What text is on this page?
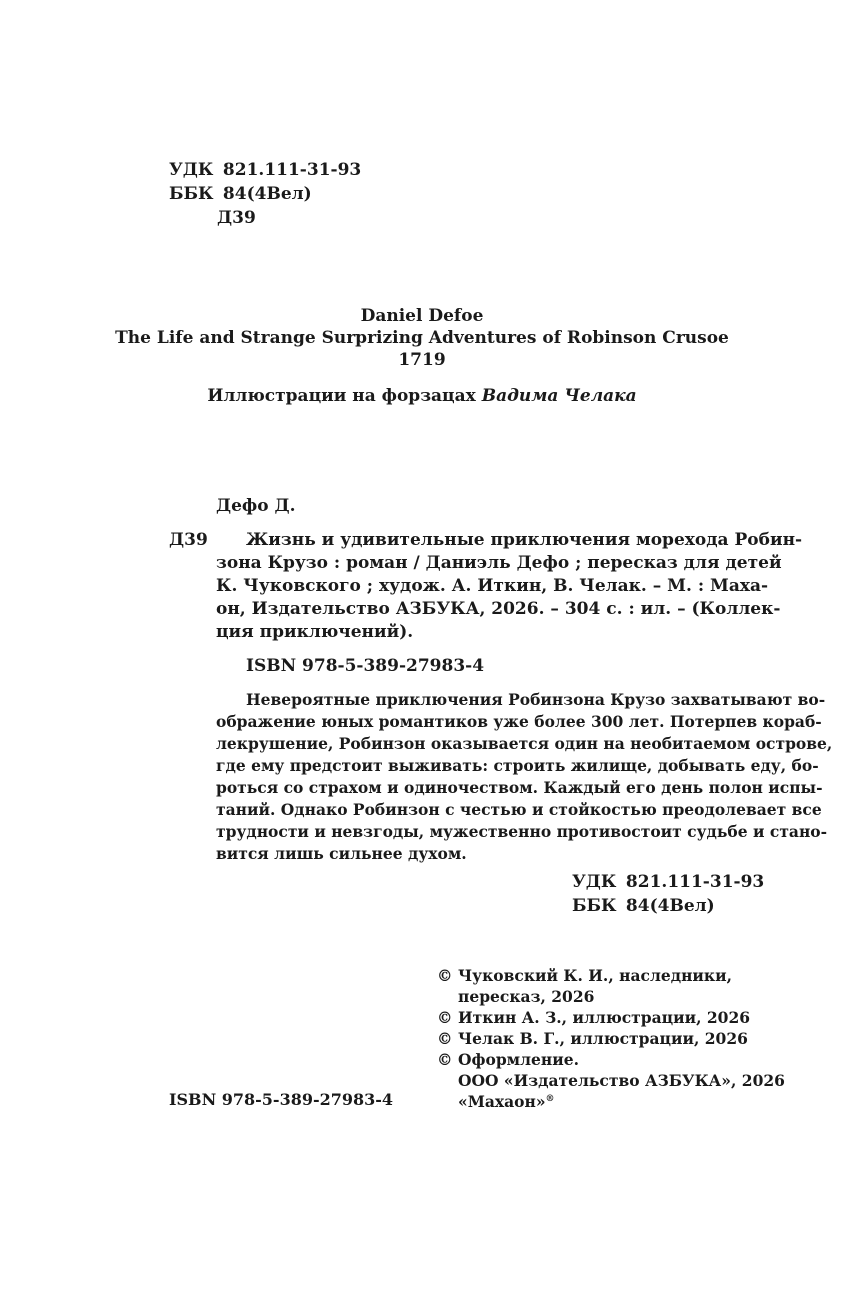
УДК 821.111-31-93
ББК 84(4Вел)
Д39
Daniel Defoe
The Life and Strange Surprizing Adventures of Robinson Crusoe
1719
Иллюстрации на форзацах Вадима Челака
Дефо Д.
Д39 Жизнь и удивительные приключения морехода Робин-
зона Крузо : роман / Даниэль Дефо ; пересказ для детей
К. Чуковского ; худож. А. Иткин, В. Челак. – М. : Маха-
он, Издательство АЗБУКА, 2026. – 304 с. : ил. – (Коллек-
ция приключений).
ISBN 978-5-389-27983-4
Невероятные приключения Робинзона Крузо захватывают во-
ображение юных романтиков уже более 300 лет. Потерпев кораб-
лекрушение, Робинзон оказывается один на необитаемом острове,
где ему предстоит выживать: строить жилище, добывать еду, бо-
роться со страхом и одиночеством. Каждый его день полон испы-
таний. Однако Робинзон с честью и стойкостью преодолевает все
трудности и невзгоды, мужественно противостоит судьбе и стано-
вится лишь сильнее духом.
УДК 821.111-31-93
ББК 84(4Вел)
© Чуковский К. И., наследники,
пересказ, 2026
© Иткин А. З., иллюстрации, 2026
© Челак В. Г., иллюстрации, 2026
© Оформление.
ООО «Издательство АЗБУКА», 2026
«Махаон»®
ISBN 978-5-389-27983-4
